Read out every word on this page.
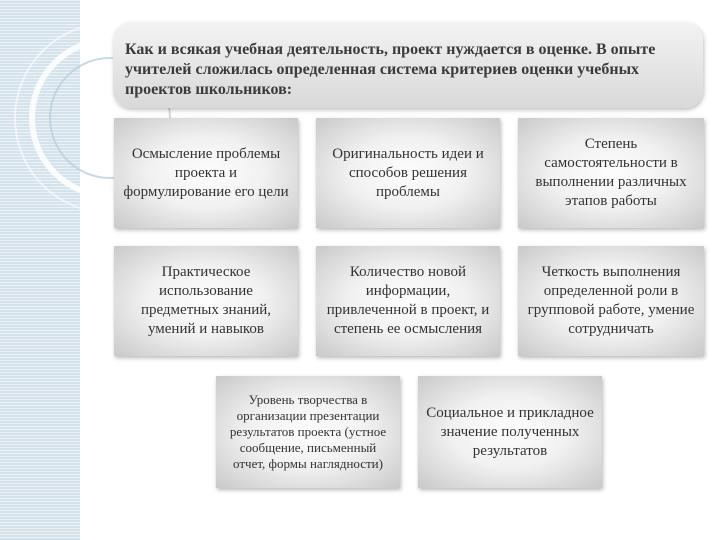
Как и всякая учебная деятельность, проект нуждается в оценке. В опыте учителей сложилась определенная система критериев оценки учебных проектов школьников:

Осмысление проблемы проекта и формулирование его цели
Оригинальность идеи и способов решения проблемы
Степень самостоятельности в выполнении различных этапов работы
Практическое использование предметных знаний, умений и навыков
Количество новой информации, привлеченной в проект, и степень ее осмысления
Четкость выполнения определенной роли в групповой работе, умение сотрудничать
Уровень творчества в организации презентации результатов проекта (устное сообщение, письменный отчет, формы наглядности)
Социальное и прикладное значение полученных результатов
